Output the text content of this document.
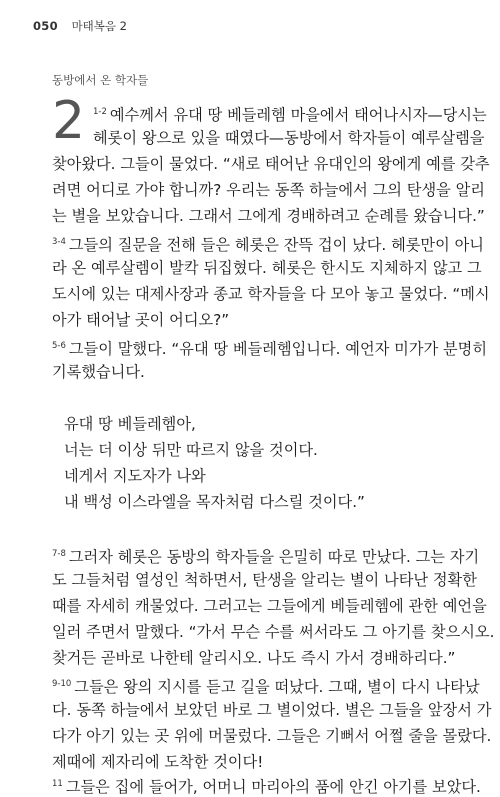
050 마태복음 2
동방에서 온 학자들
2 $^{1-2}$ 예수께서 유대 땅 베들레헴 마을에서 태어나시자—당시는
헤롯이 왕으로 있을 때였다—동방에서 학자들이 예루살렘을
찾아왔다. 그들이 물었다. “새로 태어난 유대인의 왕에게 예를 갖추
려면 어디로 가야 합니까? 우리는 동쪽 하늘에서 그의 탄생을 알리
는 별을 보았습니다. 그래서 그에게 경배하려고 순례를 왔습니다.”
$^{3-4}$ 그들의 질문을 전해 들은 헤롯은 잔뜩 겁이 났다. 헤롯만이 아니
라 온 예루살렘이 발칵 뒤집혔다. 헤롯은 한시도 지체하지 않고 그
도시에 있는 대제사장과 종교 학자들을 다 모아 놓고 물었다. “메시
아가 태어날 곳이 어디오?”
$^{5-6}$ 그들이 말했다. “유대 땅 베들레헴입니다. 예언자 미가가 분명히
기록했습니다.
유대 땅 베들레헴아,
너는 더 이상 뒤만 따르지 않을 것이다.
네게서 지도자가 나와
내 백성 이스라엘을 목자처럼 다스릴 것이다.”
$^{7-8}$ 그러자 헤롯은 동방의 학자들을 은밀히 따로 만났다. 그는 자기
도 그들처럼 열성인 척하면서, 탄생을 알리는 별이 나타난 정확한
때를 자세히 캐물었다. 그러고는 그들에게 베들레헴에 관한 예언을
일러 주면서 말했다. “가서 무슨 수를 써서라도 그 아기를 찾으시오.
찾거든 곧바로 나한테 알리시오. 나도 즉시 가서 경배하리다.”
$^{9-10}$ 그들은 왕의 지시를 듣고 길을 떠났다. 그때, 별이 다시 나타났
다. 동쪽 하늘에서 보았던 바로 그 별이었다. 별은 그들을 앞장서 가
다가 아기 있는 곳 위에 머물렀다. 그들은 기뻐서 어쩔 줄을 몰랐다.
제때에 제자리에 도착한 것이다!
$^{11}$ 그들은 집에 들어가, 어머니 마리아의 품에 안긴 아기를 보았다.
